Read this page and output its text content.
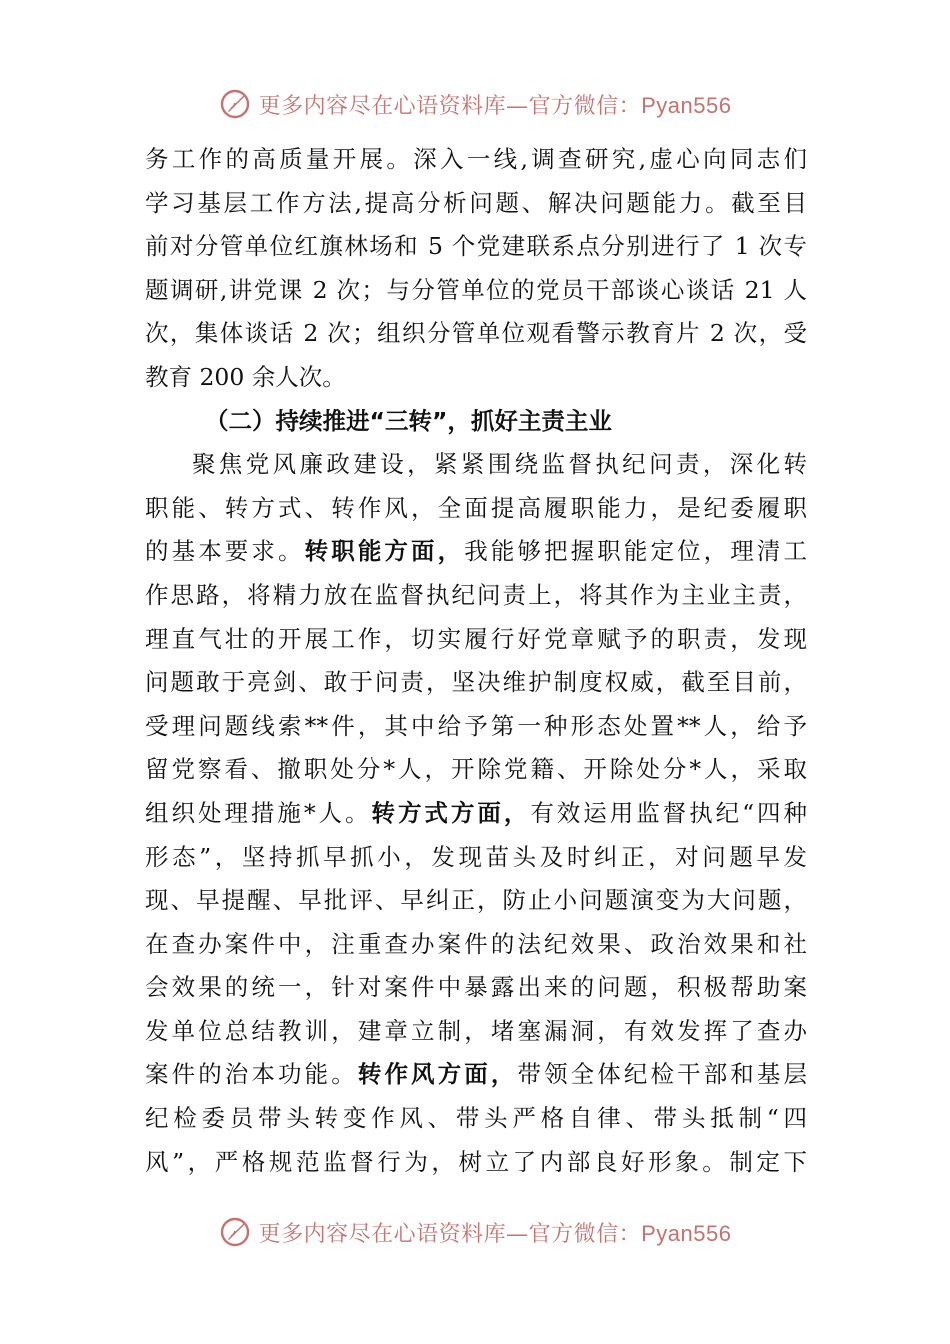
更多内容尽在心语资料库—官方微信：Pyan556
务工作的高质量开展。深入一线,调查研究,虚心向同志们
学习基层工作方法,提高分析问题、解决问题能力。截至目
前对分管单位红旗林场和 5 个党建联系点分别进行了 1 次专
题调研,讲党课 2 次；与分管单位的党员干部谈心谈话 21 人
次，集体谈话 2 次；组织分管单位观看警示教育片 2 次，受
教育 200 余人次。
（二）持续推进“三转”，抓好主责主业
聚焦党风廉政建设，紧紧围绕监督执纪问责，深化转
职能、转方式、转作风，全面提高履职能力，是纪委履职
的基本要求。转职能方面，我能够把握职能定位，理清工
作思路，将精力放在监督执纪问责上，将其作为主业主责，
理直气壮的开展工作，切实履行好党章赋予的职责，发现
问题敢于亮剑、敢于问责，坚决维护制度权威，截至目前，
受理问题线索**件，其中给予第一种形态处置**人，给予
留党察看、撤职处分*人，开除党籍、开除处分*人，采取
组织处理措施*人。转方式方面，有效运用监督执纪“四种
形态”，坚持抓早抓小，发现苗头及时纠正，对问题早发
现、早提醒、早批评、早纠正，防止小问题演变为大问题，
在查办案件中，注重查办案件的法纪效果、政治效果和社
会效果的统一，针对案件中暴露出来的问题，积极帮助案
发单位总结教训，建章立制，堵塞漏洞，有效发挥了查办
案件的治本功能。转作风方面，带领全体纪检干部和基层
纪检委员带头转变作风、带头严格自律、带头抵制“四
风”，严格规范监督行为，树立了内部良好形象。制定下
更多内容尽在心语资料库—官方微信：Pyan556
